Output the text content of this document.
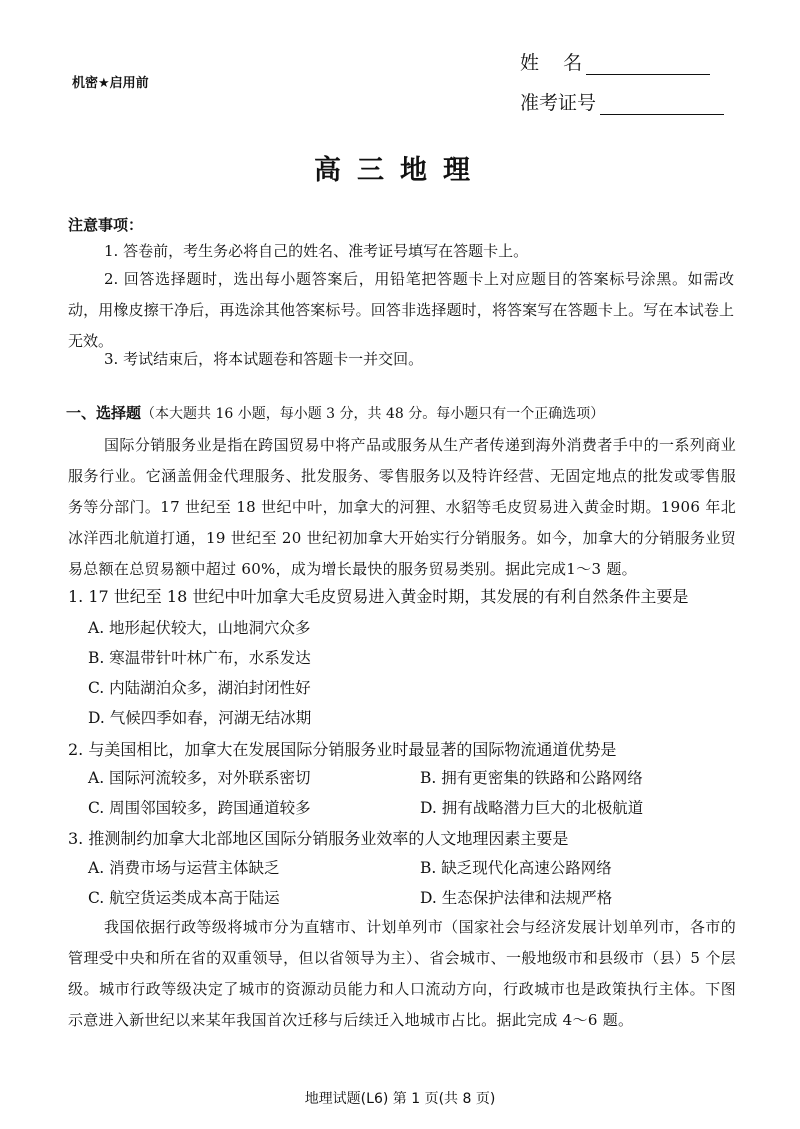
机密★启用前
姓    名
准考证号
高三地理
注意事项：
1. 答卷前，考生务必将自己的姓名、准考证号填写在答题卡上。
2. 回答选择题时，选出每小题答案后，用铅笔把答题卡上对应题目的答案标号涂黑。如需改动，用橡皮擦干净后，再选涂其他答案标号。回答非选择题时，将答案写在答题卡上。写在本试卷上无效。
3. 考试结束后，将本试题卷和答题卡一并交回。
一、选择题（本大题共 16 小题，每小题 3 分，共 48 分。每小题只有一个正确选项）
国际分销服务业是指在跨国贸易中将产品或服务从生产者传递到海外消费者手中的一系列商业服务行业。它涵盖佣金代理服务、批发服务、零售服务以及特许经营、无固定地点的批发或零售服务等分部门。17 世纪至 18 世纪中叶，加拿大的河狸、水貂等毛皮贸易进入黄金时期。1906 年北冰洋西北航道打通，19 世纪至 20 世纪初加拿大开始实行分销服务。如今，加拿大的分销服务业贸易总额在总贸易额中超过 60%，成为增长最快的服务贸易类别。据此完成1～3 题。
1. 17 世纪至 18 世纪中叶加拿大毛皮贸易进入黄金时期，其发展的有利自然条件主要是
A. 地形起伏较大，山地洞穴众多
B. 寒温带针叶林广布，水系发达
C. 内陆湖泊众多，湖泊封闭性好
D. 气候四季如春，河湖无结冰期
2. 与美国相比，加拿大在发展国际分销服务业时最显著的国际物流通道优势是
A. 国际河流较多，对外联系密切	B. 拥有更密集的铁路和公路网络
C. 周围邻国较多，跨国通道较多	D. 拥有战略潜力巨大的北极航道
3. 推测制约加拿大北部地区国际分销服务业效率的人文地理因素主要是
A. 消费市场与运营主体缺乏	B. 缺乏现代化高速公路网络
C. 航空货运类成本高于陆运	D. 生态保护法律和法规严格
我国依据行政等级将城市分为直辖市、计划单列市（国家社会与经济发展计划单列市，各市的管理受中央和所在省的双重领导，但以省领导为主）、省会城市、一般地级市和县级市（县）5 个层级。城市行政等级决定了城市的资源动员能力和人口流动方向，行政城市也是政策执行主体。下图示意进入新世纪以来某年我国首次迁移与后续迁入地城市占比。据此完成 4～6 题。
地理试题(L6) 第 1 页(共 8 页)
